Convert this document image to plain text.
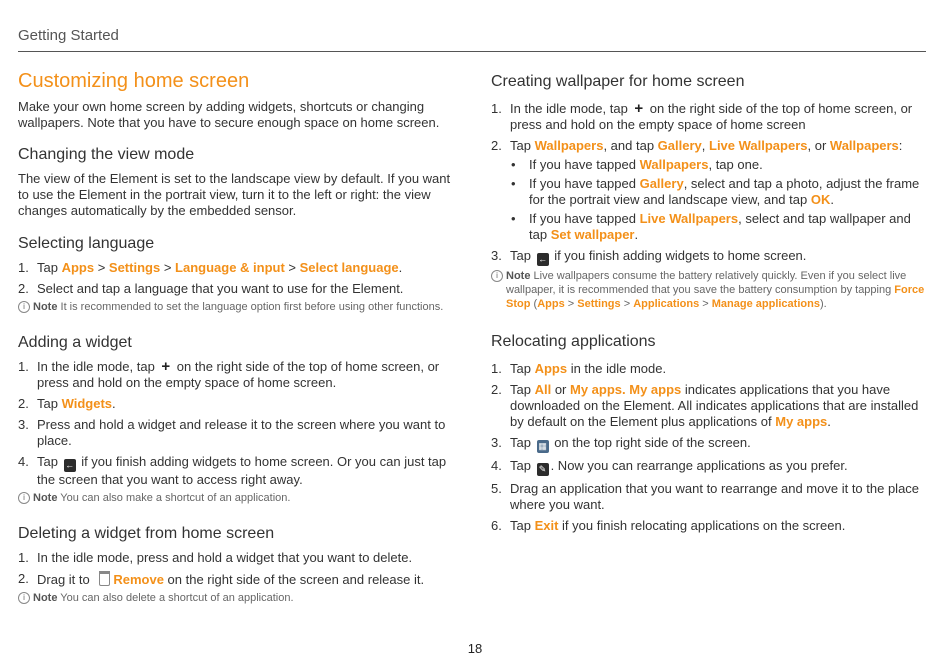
Getting Started
Customizing home screen

Make your own home screen by adding widgets, shortcuts or changing wallpapers. Note that you have to secure enough space on home screen.

Changing the view mode

The view of the Element is set to the landscape view by default. If you want to use the Element in the portrait view, turn it to the left or right: the view changes automatically by the embedded sensor.

Selecting language
1. Tap Apps > Settings > Language & input > Select language.
2. Select and tap a language that you want to use for the Element.
i Note It is recommended to set the language option first before using other functions.
Adding a widget
1. In the idle mode, tap + on the right side of the top of home screen, or press and hold on the empty space of home screen.
2. Tap Widgets.
3. Press and hold a widget and release it to the screen where you want to place.
4. Tap ← if you finish adding widgets to home screen. Or you can just tap the screen that you want to access right away.
i Note You can also make a shortcut of an application.
Deleting a widget from home screen
1. In the idle mode, press and hold a widget that you want to delete.
2. Drag it to Remove on the right side of the screen and release it.
i Note You can also delete a shortcut of an application.
Creating wallpaper for home screen
1. In the idle mode, tap + on the right side of the top of home screen, or press and hold on the empty space of home screen
2. Tap Wallpapers, and tap Gallery, Live Wallpapers, or Wallpapers:
• If you have tapped Wallpapers, tap one.
• If you have tapped Gallery, select and tap a photo, adjust the frame for the portrait view and landscape view, and tap OK.
• If you have tapped Live Wallpapers, select and tap wallpaper and tap Set wallpaper.
3. Tap ← if you finish adding widgets to home screen.
i Note Live wallpapers consume the battery relatively quickly. Even if you select live wallpaper, it is recommended that you save the battery consumption by tapping Force Stop (Apps > Settings > Applications > Manage applications).
Relocating applications
1. Tap Apps in the idle mode.
2. Tap All or My apps. My apps indicates applications that you have downloaded on the Element. All indicates applications that are installed by default on the Element plus applications of My apps.
3. Tap ▦ on the top right side of the screen.
4. Tap ✎ . Now you can rearrange applications as you prefer.
5. Drag an application that you want to rearrange and move it to the place where you want.
6. Tap Exit if you finish relocating applications on the screen.
18
